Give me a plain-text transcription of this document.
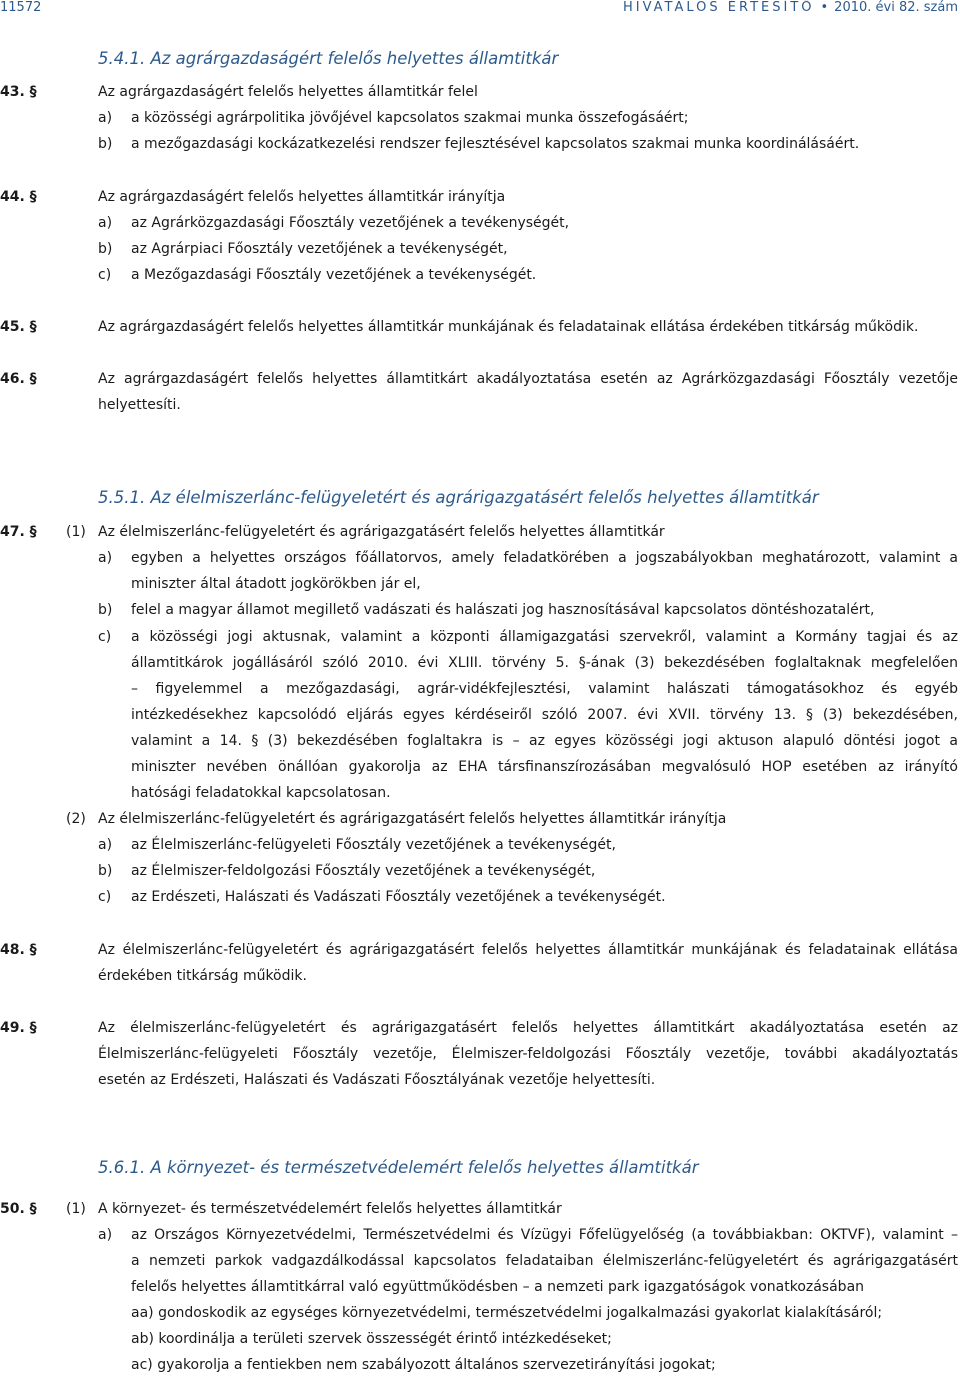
11572	HIVATALOS ÉRTESÍTŐ • 2010. évi 82. szám
5.4.1. Az agrárgazdaságért felelős helyettes államtitkár
5.5.1. Az élelmiszerlánc-felügyeletért és agrárigazgatásért felelős helyettes államtitkár
5.6.1. A környezet- és természetvédelemért felelős helyettes államtitkár
43. §	Az agrárgazdaságért felelős helyettes államtitkár felel
a) a közösségi agrárpolitika jövőjével kapcsolatos szakmai munka összefogásáért;
b) a mezőgazdasági kockázatkezelési rendszer fejlesztésével kapcsolatos szakmai munka koordinálásáért.
44. §	Az agrárgazdaságért felelős helyettes államtitkár irányítja
a) az Agrárközgazdasági Főosztály vezetőjének a tevékenységét,
b) az Agrárpiaci Főosztály vezetőjének a tevékenységét,
c) a Mezőgazdasági Főosztály vezetőjének a tevékenységét.
45. §	Az agrárgazdaságért felelős helyettes államtitkár munkájának és feladatainak ellátása érdekében titkárság működik.
46. §	Az agrárgazdaságért felelős helyettes államtitkárt akadályoztatása esetén az Agrárközgazdasági Főosztály vezetője
helyettesíti.
47. § (1) Az élelmiszerlánc-felügyeletért és agrárigazgatásért felelős helyettes államtitkár
a) egyben a helyettes országos főállatorvos, amely feladatkörében a jogszabályokban meghatározott, valamint a
miniszter által átadott jogkörökben jár el,
b) felel a magyar államot megillető vadászati és halászati jog hasznosításával kapcsolatos döntéshozatalért,
c) a közösségi jogi aktusnak, valamint a központi államigazgatási szervekről, valamint a Kormány tagjai és az
államtitkárok jogállásáról szóló 2010. évi XLIII. törvény 5. §-ának (3) bekezdésében foglaltaknak megfelelően
– figyelemmel a mezőgazdasági, agrár-vidékfejlesztési, valamint halászati támogatásokhoz és egyéb
intézkedésekhez kapcsolódó eljárás egyes kérdéseiről szóló 2007. évi XVII. törvény 13. § (3) bekezdésében,
valamint a 14. § (3) bekezdésében foglaltakra is – az egyes közösségi jogi aktuson alapuló döntési jogot a
miniszter nevében önállóan gyakorolja az EHA társfinanszírozásában megvalósuló HOP esetében az irányító
hatósági feladatokkal kapcsolatosan.
(2) Az élelmiszerlánc-felügyeletért és agrárigazgatásért felelős helyettes államtitkár irányítja
a) az Élelmiszerlánc-felügyeleti Főosztály vezetőjének a tevékenységét,
b) az Élelmiszer-feldolgozási Főosztály vezetőjének a tevékenységét,
c) az Erdészeti, Halászati és Vadászati Főosztály vezetőjének a tevékenységét.
48. §	Az élelmiszerlánc-felügyeletért és agrárigazgatásért felelős helyettes államtitkár munkájának és feladatainak ellátása
érdekében titkárság működik.
49. §	Az élelmiszerlánc-felügyeletért és agrárigazgatásért felelős helyettes államtitkárt akadályoztatása esetén az
Élelmiszerlánc-felügyeleti Főosztály vezetője, Élelmiszer-feldolgozási Főosztály vezetője, további akadályoztatás
esetén az Erdészeti, Halászati és Vadászati Főosztályának vezetője helyettesíti.
50. § (1) A környezet- és természetvédelemért felelős helyettes államtitkár
a) az Országos Környezetvédelmi, Természetvédelmi és Vízügyi Főfelügyelőség (a továbbiakban: OKTVF), valamint –
a nemzeti parkok vadgazdálkodással kapcsolatos feladataiban élelmiszerlánc-felügyeletért és agrárigazgatásért
felelős helyettes államtitkárral való együttműködésben – a nemzeti park igazgatóságok vonatkozásában
aa) gondoskodik az egységes környezetvédelmi, természetvédelmi jogalkalmazási gyakorlat kialakításáról;
ab) koordinálja a területi szervek összességét érintő intézkedéseket;
ac) gyakorolja a fentiekben nem szabályozott általános szervezetirányítási jogokat;
